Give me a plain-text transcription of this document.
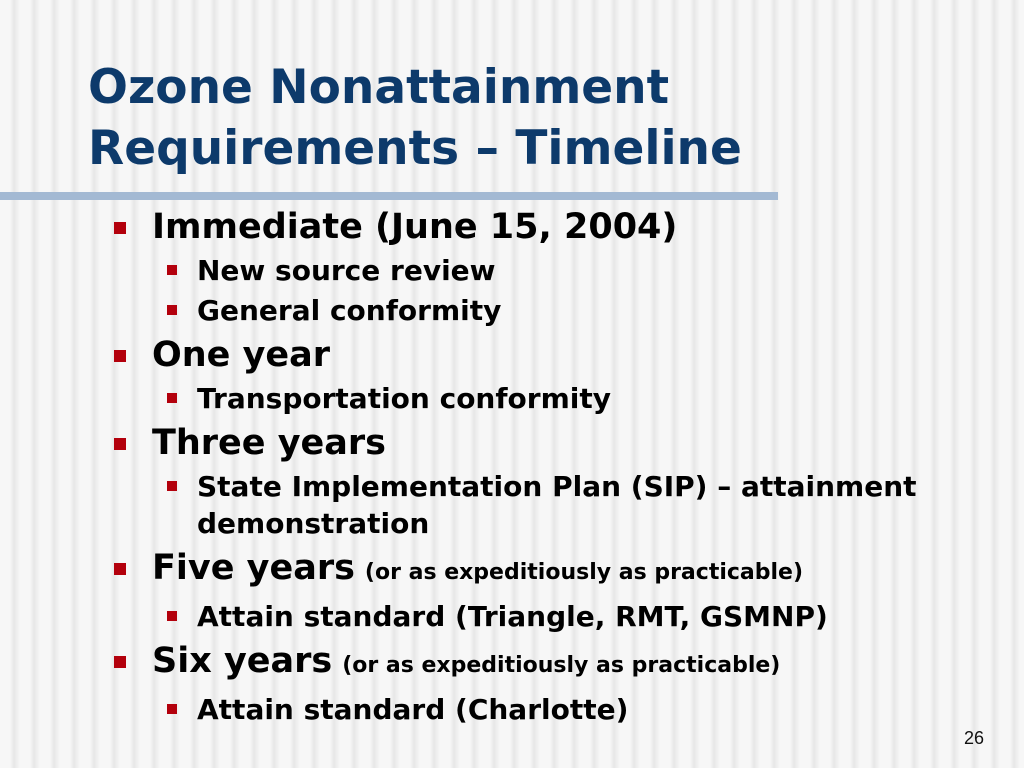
Ozone Nonattainment
Requirements – Timeline
Immediate (June 15, 2004)
New source review
General conformity
One year
Transportation conformity
Three years
State Implementation Plan (SIP) – attainment demonstration
Five years (or as expeditiously as practicable)
Attain standard (Triangle, RMT, GSMNP)
Six years (or as expeditiously as practicable)
Attain standard (Charlotte)
26
